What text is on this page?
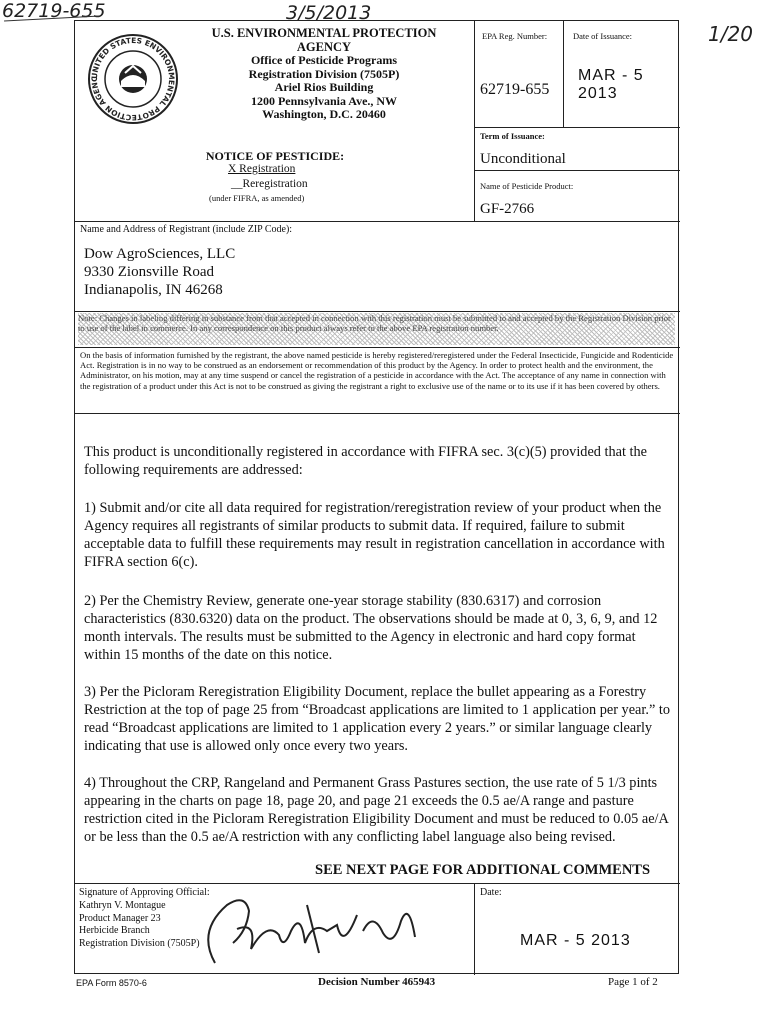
62719-655	3/5/2013
1/20
UNITED STATES ENVIRONMENTAL PROTECTION AGENC
U.S. ENVIRONMENTAL PROTECTION
AGENCY
Office of Pesticide Programs
Registration Division (7505P)
Ariel Rios Building
1200 Pennsylvania Ave., NW
Washington, D.C. 20460
NOTICE OF PESTICIDE:
X Registration
__Reregistration
(under FIFRA, as amended)
EPA Reg. Number:
62719-655
Date of Issuance:
MAR - 5 2013
Term of Issuance:
Unconditional
Name of Pesticide Product:
GF-2766
Name and Address of Registrant (include ZIP Code):
Dow AgroSciences, LLC
9330 Zionsville Road
Indianapolis, IN 46268
Note: Changes in labeling differing in substance from that accepted in connection with this registration must be submitted to and accepted by the Registration Division prior to use of the label in commerce. In any correspondence on this product always refer to the above EPA registration number.
On the basis of information furnished by the registrant, the above named pesticide is hereby registered/reregistered under the Federal Insecticide, Fungicide and Rodenticide Act. Registration is in no way to be construed as an endorsement or recommendation of this product by the Agency. In order to protect health and the environment, the Administrator, on his motion, may at any time suspend or cancel the registration of a pesticide in accordance with the Act. The acceptance of any name in connection with the registration of a product under this Act is not to be construed as giving the registrant a right to exclusive use of the name or to its use if it has been covered by others.
This product is unconditionally registered in accordance with FIFRA sec. 3(c)(5) provided that the following requirements are addressed:
1) Submit and/or cite all data required for registration/reregistration review of your product when the Agency requires all registrants of similar products to submit data. If required, failure to submit acceptable data to fulfill these requirements may result in registration cancellation in accordance with FIFRA section 6(c).
2) Per the Chemistry Review, generate one-year storage stability (830.6317) and corrosion characteristics (830.6320) data on the product. The observations should be made at 0, 3, 6, 9, and 12 month intervals. The results must be submitted to the Agency in electronic and hard copy format within 15 months of the date on this notice.
3) Per the Picloram Reregistration Eligibility Document, replace the bullet appearing as a Forestry Restriction at the top of page 25 from “Broadcast applications are limited to 1 application per year.” to read “Broadcast applications are limited to 1 application every 2 years.” or similar language clearly indicating that use is allowed only once every two years.
4) Throughout the CRP, Rangeland and Permanent Grass Pastures section, the use rate of 5 1/3 pints appearing in the charts on page 18, page 20, and page 21 exceeds the 0.5 ae/A range and pasture restriction cited in the Picloram Reregistration Eligibility Document and must be reduced to 0.05 ae/A or be less than the 0.5 ae/A restriction with any conflicting label language also being revised.
SEE NEXT PAGE FOR ADDITIONAL COMMENTS
Signature of Approving Official:
Kathryn V. Montague
Product Manager 23
Herbicide Branch
Registration Division (7505P)
Date:
MAR - 5 2013
EPA Form 8570-6	Decision Number 465943	Page 1 of 2
